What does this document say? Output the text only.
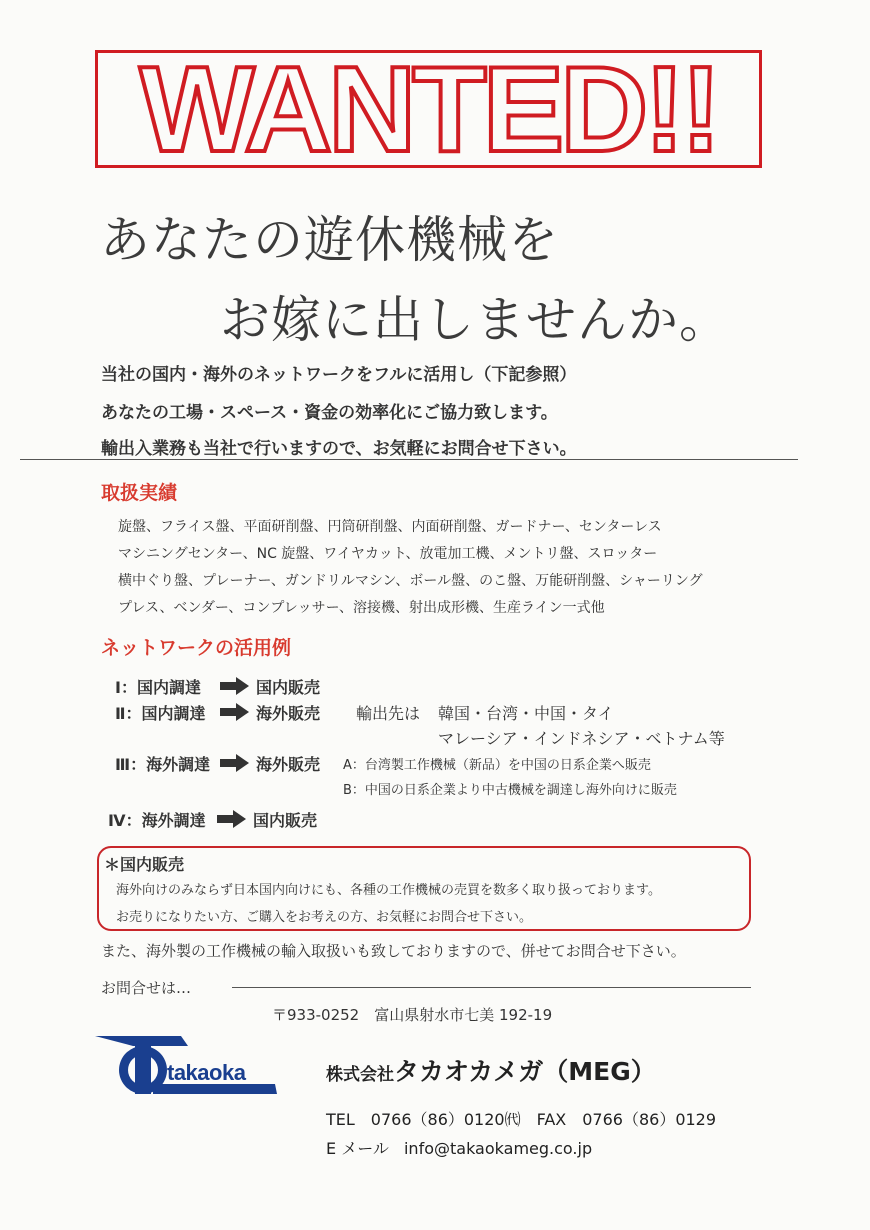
WANTED!!
あなたの遊休機械を
お嫁に出しませんか。
当社の国内・海外のネットワークをフルに活用し（下記参照）
あなたの工場・スペース・資金の効率化にご協力致します。
輸出入業務も当社で行いますので、お気軽にお問合せ下さい。
取扱実績
旋盤、フライス盤、平面研削盤、円筒研削盤、内面研削盤、ガードナー、センターレス
マシニングセンター、NC 旋盤、ワイヤカット、放電加工機、メントリ盤、スロッター
横中ぐり盤、プレーナー、ガンドリルマシン、ボール盤、のこ盤、万能研削盤、シャーリング
プレス、ベンダー、コンプレッサー、溶接機、射出成形機、生産ライン一式他
ネットワークの活用例
Ⅰ：国内調達	国内販売
Ⅱ：国内調達	海外販売 輸出先は 韓国・台湾・中国・タイ
マレーシア・インドネシア・ベトナム等
Ⅲ：海外調達	海外販売 A：台湾製工作機械（新品）を中国の日系企業へ販売
B：中国の日系企業より中古機械を調達し海外向けに販売
Ⅳ：海外調達	国内販売
＊国内販売
海外向けのみならず日本国内向けにも、各種の工作機械の売買を数多く取り扱っております。
お売りになりたい方、ご購入をお考えの方、お気軽にお問合せ下さい。
また、海外製の工作機械の輸入取扱いも致しておりますので、併せてお問合せ下さい。
お問合せは…
〒933-0252　富山県射水市七美 192-19
takaoka	株式会社タカオカメガ（MEG）
TEL　0766（86）0120㈹　FAX　0766（86）0129
E メール info@takaokameg.co.jp
